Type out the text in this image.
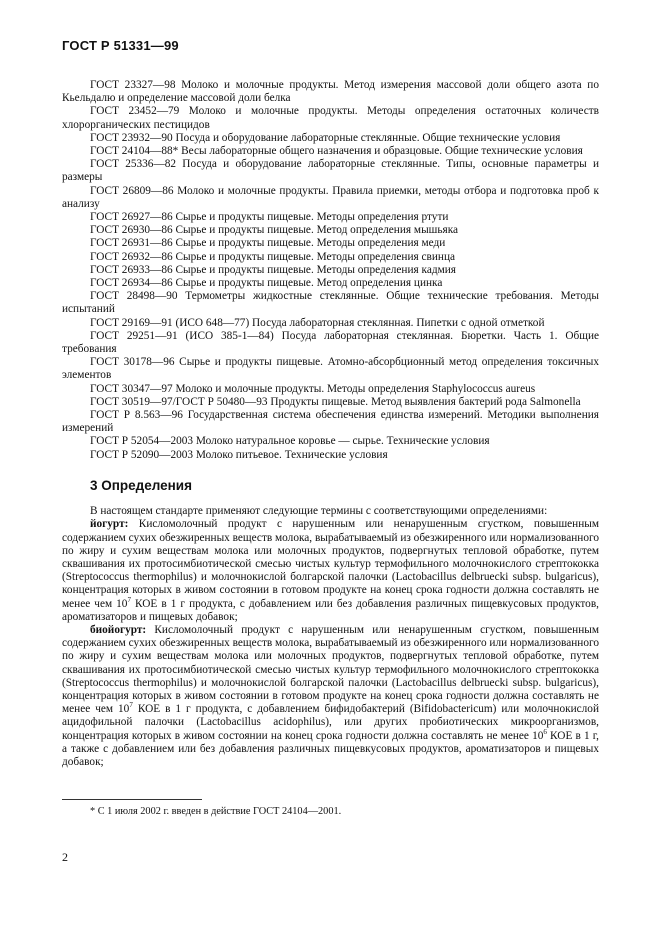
ГОСТ Р 51331—99

ГОСТ 23327—98 Молоко и молочные продукты. Метод измерения массовой доли общего азота по Кьельдалю и определение массовой доли белка

ГОСТ 23452—79 Молоко и молочные продукты. Методы определения остаточных количеств хлорорганических пестицидов

ГОСТ 23932—90 Посуда и оборудование лабораторные стеклянные. Общие технические условия

ГОСТ 24104—88* Весы лабораторные общего назначения и образцовые. Общие технические условия

ГОСТ 25336—82 Посуда и оборудование лабораторные стеклянные. Типы, основные параметры и размеры

ГОСТ 26809—86 Молоко и молочные продукты. Правила приемки, методы отбора и подготовка проб к анализу

ГОСТ 26927—86 Сырье и продукты пищевые. Методы определения ртути

ГОСТ 26930—86 Сырье и продукты пищевые. Метод определения мышьяка

ГОСТ 26931—86 Сырье и продукты пищевые. Методы определения меди

ГОСТ 26932—86 Сырье и продукты пищевые. Методы определения свинца

ГОСТ 26933—86 Сырье и продукты пищевые. Методы определения кадмия

ГОСТ 26934—86 Сырье и продукты пищевые. Метод определения цинка

ГОСТ 28498—90 Термометры жидкостные стеклянные. Общие технические требования. Методы испытаний

ГОСТ 29169—91 (ИСО 648—77) Посуда лабораторная стеклянная. Пипетки с одной отметкой

ГОСТ 29251—91 (ИСО 385-1—84) Посуда лабораторная стеклянная. Бюретки. Часть 1. Общие требования

ГОСТ 30178—96 Сырье и продукты пищевые. Атомно-абсорбционный метод определения токсичных элементов

ГОСТ 30347—97 Молоко и молочные продукты. Методы определения Staphylococcus aureus

ГОСТ 30519—97/ГОСТ Р 50480—93 Продукты пищевые. Метод выявления бактерий рода Salmonella

ГОСТ Р 8.563—96 Государственная система обеспечения единства измерений. Методики выполнения измерений

ГОСТ Р 52054—2003 Молоко натуральное коровье — сырье. Технические условия

ГОСТ Р 52090—2003 Молоко питьевое. Технические условия

3 Определения

В настоящем стандарте применяют следующие термины с соответствующими определениями:

йогурт: Кисломолочный продукт с нарушенным или ненарушенным сгустком, повышенным содержанием сухих обезжиренных веществ молока, вырабатываемый из обезжиренного или нормализованного по жиру и сухим веществам молока или молочных продуктов, подвергнутых тепловой обработке, путем сквашивания их протосимбиотической смесью чистых культур термофильного молочнокислого стрептококка (Streptococcus thermophilus) и молочнокислой болгарской палочки (Lactobacillus delbruecki subsp. bulgaricus), концентрация которых в живом состоянии в готовом продукте на конец срока годности должна составлять не менее чем $10^7$ КОЕ в 1 г продукта, с добавлением или без добавления различных пищевкусовых продуктов, ароматизаторов и пищевых добавок;

биойогурт: Кисломолочный продукт с нарушенным или ненарушенным сгустком, повышенным содержанием сухих обезжиренных веществ молока, вырабатываемый из обезжиренного или нормализованного по жиру и сухим веществам молока или молочных продуктов, подвергнутых тепловой обработке, путем сквашивания их протосимбиотической смесью чистых культур термофильного молочнокислого стрептококка (Streptococcus thermophilus) и молочнокислой болгарской палочки (Lactobacillus delbruecki subsp. bulgaricus), концентрация которых в живом состоянии в готовом продукте на конец срока годности должна составлять не менее чем $10^7$ КОЕ в 1 г продукта, с добавлением бифидобактерий (Bifidobactericum) или молочнокислой ацидофильной палочки (Lactobacillus acidophilus), или других пробиотических микроорганизмов, концентрация которых в живом состоянии на конец срока годности должна составлять не менее $10^6$ КОЕ в 1 г, а также с добавлением или без добавления различных пищевкусовых продуктов, ароматизаторов и пищевых добавок;

* С 1 июля 2002 г. введен в действие ГОСТ 24104—2001.
2
